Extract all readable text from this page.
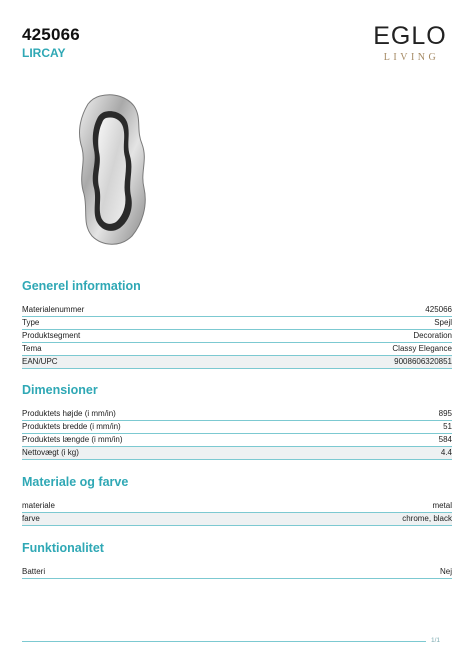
425066
LIRCAY
EGLO
LIVING
Generel information
Materialenummer	425066
Type	Spejl
Produktsegment	Decoration
Tema	Classy Elegance
EAN/UPC	9008606320851
Dimensioner
Produktets højde (i mm/in)	895
Produktets bredde (i mm/in)	51
Produktets længde (i mm/in)	584
Nettovægt (i kg)	4.4
Materiale og farve
materiale	metal
farve	chrome, black
Funktionalitet
Batteri	Nej
1/1
